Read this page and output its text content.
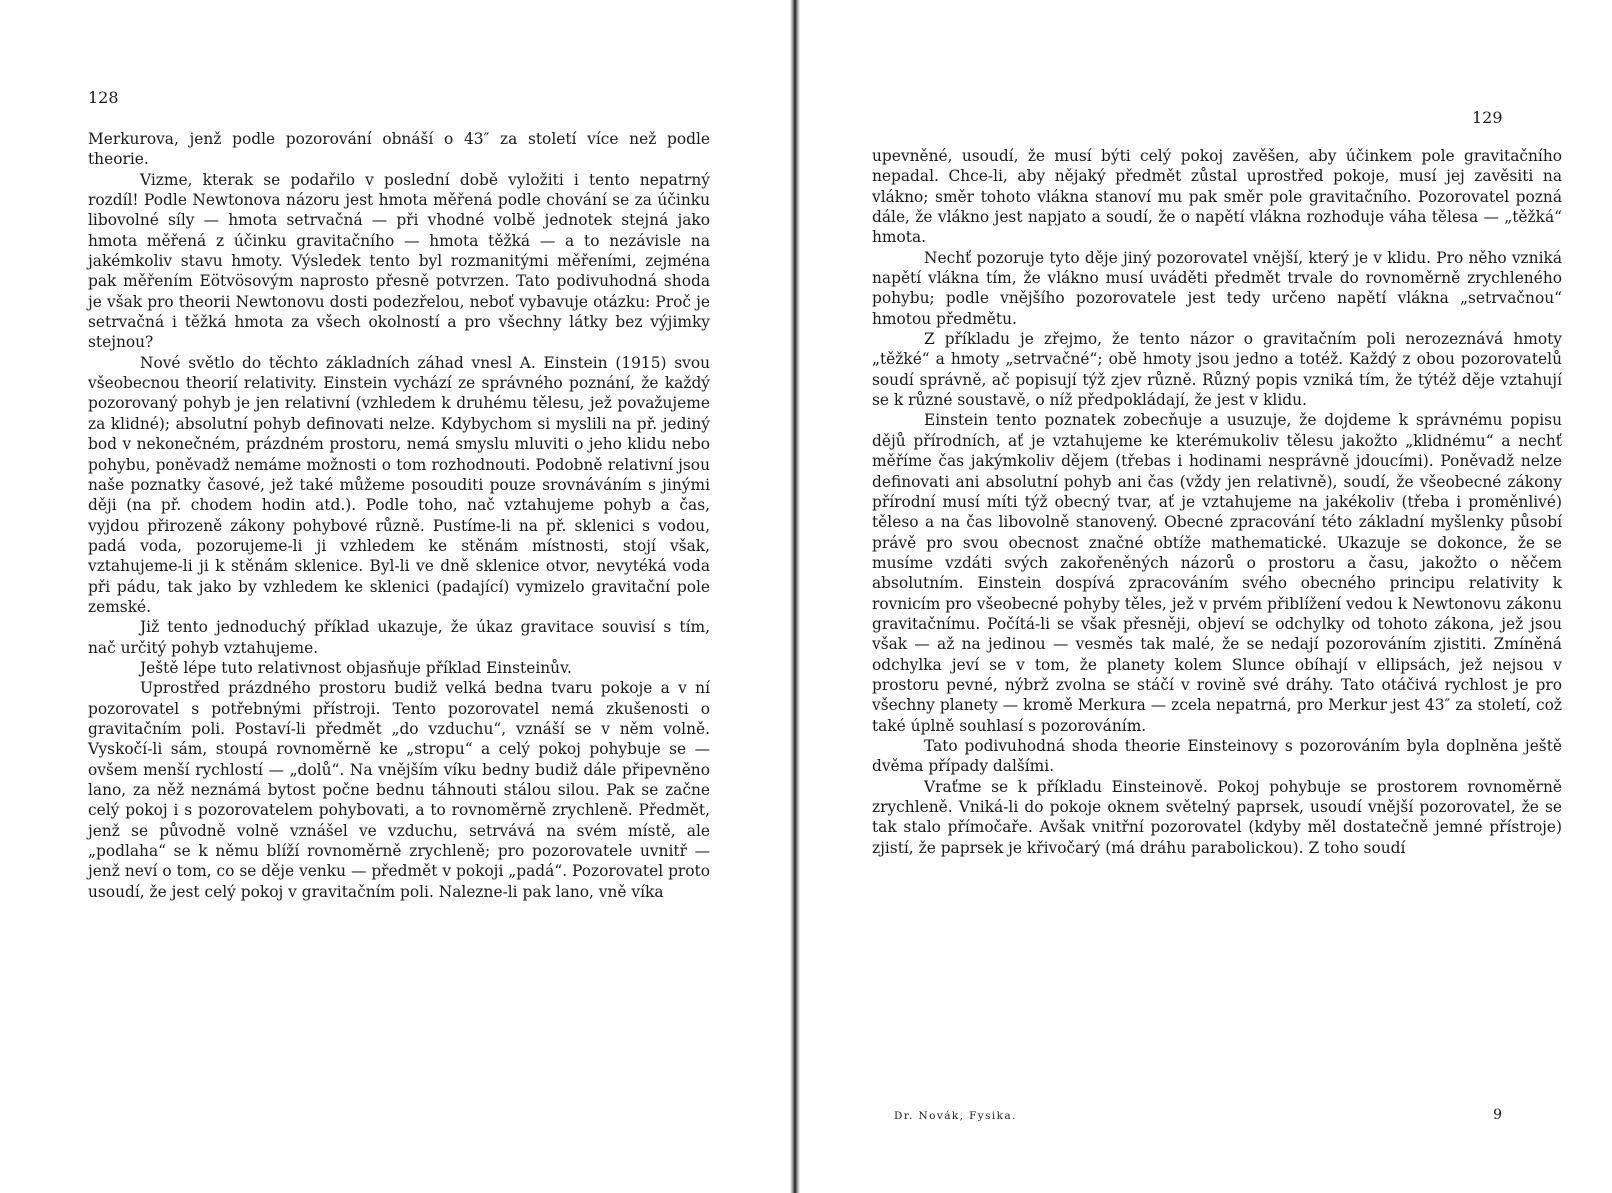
128

Merkurova, jenž podle pozorování obnáší o 43″ za století více než podle theorie.

Vizme, kterak se podařilo v poslední době vyložiti i tento nepatrný rozdíl! Podle Newtonova názoru jest hmota měřená podle chování se za účinku libovolné síly — hmota setrvačná — při vhodné volbě jednotek stejná jako hmota měřená z účinku gravitačního — hmota těžká — a to nezávisle na jakémkoliv stavu hmoty. Výsledek tento byl rozmanitými měřeními, zejména pak měřením Eötvösovým naprosto přesně potvrzen. Tato podivuhodná shoda je však pro theorii Newtonovu dosti podezřelou, neboť vybavuje otázku: Proč je setrvačná i těžká hmota za všech okolností a pro všechny látky bez výjimky stejnou?

Nové světlo do těchto základních záhad vnesl A. Einstein (1915) svou všeobecnou theorií relativity. Einstein vychází ze správného poznání, že každý pozorovaný pohyb je jen relativní (vzhledem k druhému tělesu, jež považujeme za klidné); absolutní pohyb definovati nelze. Kdybychom si myslili na př. jediný bod v nekonečném, prázdném prostoru, nemá smyslu mluviti o jeho klidu nebo pohybu, poněvadž nemáme možnosti o tom rozhodnouti. Podobně relativní jsou naše poznatky časové, jež také můžeme posouditi pouze srovnáváním s jinými ději (na př. chodem hodin atd.). Podle toho, nač vztahujeme pohyb a čas, vyjdou přirozeně zákony pohybové různě. Pustíme-li na př. sklenici s vodou, padá voda, pozorujeme-li ji vzhledem ke stěnám místnosti, stojí však, vztahujeme-li ji k stěnám sklenice. Byl-li ve dně sklenice otvor, nevytéká voda při pádu, tak jako by vzhledem ke sklenici (padající) vymizelo gravitační pole zemské.

Již tento jednoduchý příklad ukazuje, že úkaz gravitace souvisí s tím, nač určitý pohyb vztahujeme.

Ještě lépe tuto relativnost objasňuje příklad Einsteinův.

Uprostřed prázdného prostoru budiž velká bedna tvaru pokoje a v ní pozorovatel s potřebnými přístroji. Tento pozorovatel nemá zkušenosti o gravitačním poli. Postaví-li předmět „do vzduchu“, vznáší se v něm volně. Vyskočí-li sám, stoupá rovnoměrně ke „stropu“ a celý pokoj pohybuje se — ovšem menší rychlostí — „dolů“. Na vnějším víku bedny budiž dále připevněno lano, za něž neznámá bytost počne bednu táhnouti stálou silou. Pak se začne celý pokoj i s pozorovatelem pohybovati, a to rovnoměrně zrychleně. Předmět, jenž se původně volně vznášel ve vzduchu, setrvává na svém místě, ale „podlaha“ se k němu blíží rovnoměrně zrychleně; pro pozorovatele uvnitř — jenž neví o tom, co se děje venku — předmět v pokoji „padá“. Pozorovatel proto usoudí, že jest celý pokoj v gravitačním poli. Nalezne-li pak lano, vně víka

129

upevněné, usoudí, že musí býti celý pokoj zavěšen, aby účinkem pole gravitačního nepadal. Chce-li, aby nějaký předmět zůstal uprostřed pokoje, musí jej zavěsiti na vlákno; směr tohoto vlákna stanoví mu pak směr pole gravitačního. Pozorovatel pozná dále, že vlákno jest napjato a soudí, že o napětí vlákna rozhoduje váha tělesa — „těžká“ hmota.

Nechť pozoruje tyto děje jiný pozorovatel vnější, který je v klidu. Pro něho vzniká napětí vlákna tím, že vlákno musí uváděti předmět trvale do rovnoměrně zrychleného pohybu; podle vnějšího pozorovatele jest tedy určeno napětí vlákna „setrvačnou“ hmotou předmětu.

Z příkladu je zřejmo, že tento názor o gravitačním poli nerozeznává hmoty „těžké“ a hmoty „setrvačné“; obě hmoty jsou jedno a totéž. Každý z obou pozorovatelů soudí správně, ač popisují týž zjev různě. Různý popis vzniká tím, že týtéž děje vztahují se k různé soustavě, o níž předpokládají, že jest v klidu.

Einstein tento poznatek zobecňuje a usuzuje, že dojdeme k správnému popisu dějů přírodních, ať je vztahujeme ke kterémukoliv tělesu jakožto „klidnému“ a nechť měříme čas jakýmkoliv dějem (třebas i hodinami nesprávně jdoucími). Poněvadž nelze definovati ani absolutní pohyb ani čas (vždy jen relativně), soudí, že všeobecné zákony přírodní musí míti týž obecný tvar, ať je vztahujeme na jakékoliv (třeba i proměnlivé) těleso a na čas libovolně stanovený. Obecné zpracování této základní myšlenky působí právě pro svou obecnost značné obtíže mathematické. Ukazuje se dokonce, že se musíme vzdáti svých zakořeněných názorů o prostoru a času, jakožto o něčem absolutním. Einstein dospívá zpracováním svého obecného principu relativity k rovnicím pro všeobecné pohyby těles, jež v prvém přiblížení vedou k Newtonovu zákonu gravitačnímu. Počítá-li se však přesněji, objeví se odchylky od tohoto zákona, jež jsou však — až na jedinou — vesměs tak malé, že se nedají pozorováním zjistiti. Zmíněná odchylka jeví se v tom, že planety kolem Slunce obíhají v ellipsách, jež nejsou v prostoru pevné, nýbrž zvolna se stáčí v rovině své dráhy. Tato otáčivá rychlost je pro všechny planety — kromě Merkura — zcela nepatrná, pro Merkur jest 43″ za století, což také úplně souhlasí s pozorováním.

Tato podivuhodná shoda theorie Einsteinovy s pozorováním byla doplněna ještě dvěma případy dalšími.

Vraťme se k příkladu Einsteinově. Pokoj pohybuje se prostorem rovnoměrně zrychleně. Vniká-li do pokoje oknem světelný paprsek, usoudí vnější pozorovatel, že se tak stalo přímočaře. Avšak vnitřní pozorovatel (kdyby měl dostatečně jemné přístroje) zjistí, že paprsek je křivočarý (má dráhu parabolickou). Z toho soudí

Dr. Novák, Fysika.	9
